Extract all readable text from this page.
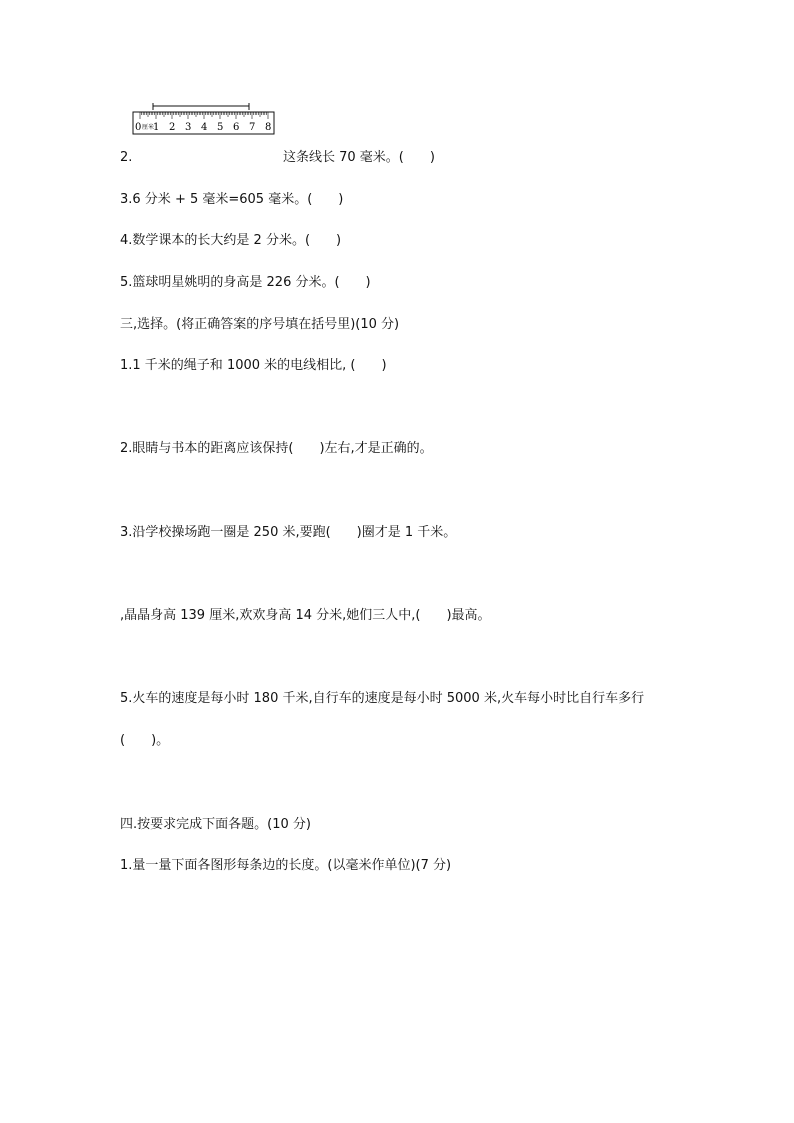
0 厘米
1 2 3 4 5 6 7 8
2.	这条线长 70 毫米。(　　)
3.6 分米 + 5 毫米=605 毫米。(　　)
4.数学课本的长大约是 2 分米。(　　)
5.篮球明星姚明的身高是 226 分米。(　　)
三,选择。(将正确答案的序号填在括号里)(10 分)
1.1 千米的绳子和 1000 米的电线相比, (　　)
2.眼睛与书本的距离应该保持(　　)左右,才是正确的。
3.沿学校操场跑一圈是 250 米,要跑(　　)圈才是 1 千米。
,晶晶身高 139 厘米,欢欢身高 14 分米,她们三人中,(　　)最高。
5.火车的速度是每小时 180 千米,自行车的速度是每小时 5000 米,火车每小时比自行车多行
(　　)。
四.按要求完成下面各题。(10 分)
1.量一量下面各图形每条边的长度。(以毫米作单位)(7 分)
